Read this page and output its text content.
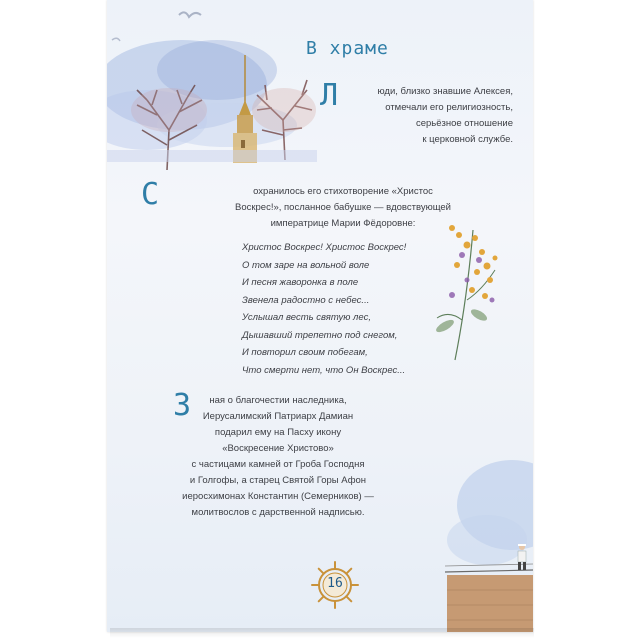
В храме
Л	юди, близко знавшие Алексея,
отмечали его религиозность,
серьёзное отношение
к церковной службе.
С	охранилось его стихотворение «Христос
Воскрес!», посланное бабушке — вдовствующей
императрице Марии Фёдоровне:
Христос Воскрес! Христос Воскрес!
О том заре на вольной воле
И песня жаворонка в поле
Звенела радостно с небес...
Услышал весть святую лес,
Дышавший трепетно под снегом,
И повторил своим побегам,
Что смерти нет, что Он Воскрес...
З	ная о благочестии наследника,
Иерусалимский Патриарх Дамиан
подарил ему на Пасху икону
«Воскресение Христово»
с частицами камней от Гроба Господня
и Голгофы, а старец Святой Горы Афон
иеросхимонах Константин (Семерников) —
молитвослов с дарственной надписью.
16
